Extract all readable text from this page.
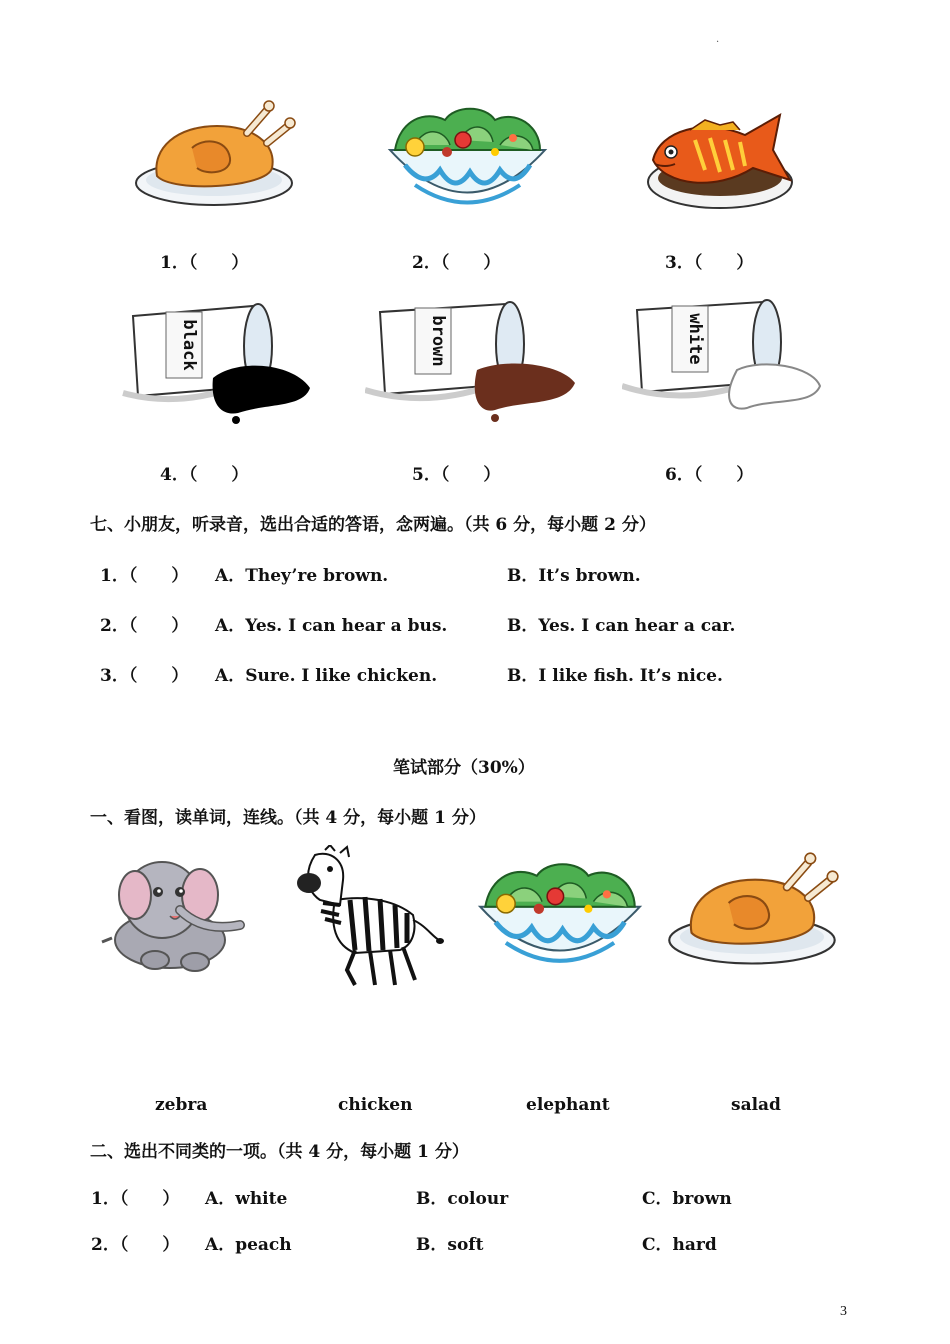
.
1．（　　）	2．（　　）	3．（　　）
black	brown	white
4．（　　）	5．（　　）	6．（　　）
七、小朋友，听录音，选出合适的答语，念两遍。（共 6 分，每小题 2 分）
1．（　　） A．They’re brown.	B．It’s brown.
2．（　　） A．Yes. I can hear a bus.	B．Yes. I can hear a car.
3．（　　） A．Sure. I like chicken.	B．I like fish. It’s nice.
笔试部分（30%）
一、看图，读单词，连线。（共 4 分，每小题 1 分）
zebra	chicken	elephant	salad
二、选出不同类的一项。（共 4 分，每小题 1 分）
1．（　　） A．white	B．colour	C．brown
2．（　　） A．peach	B．soft	C．hard
3
